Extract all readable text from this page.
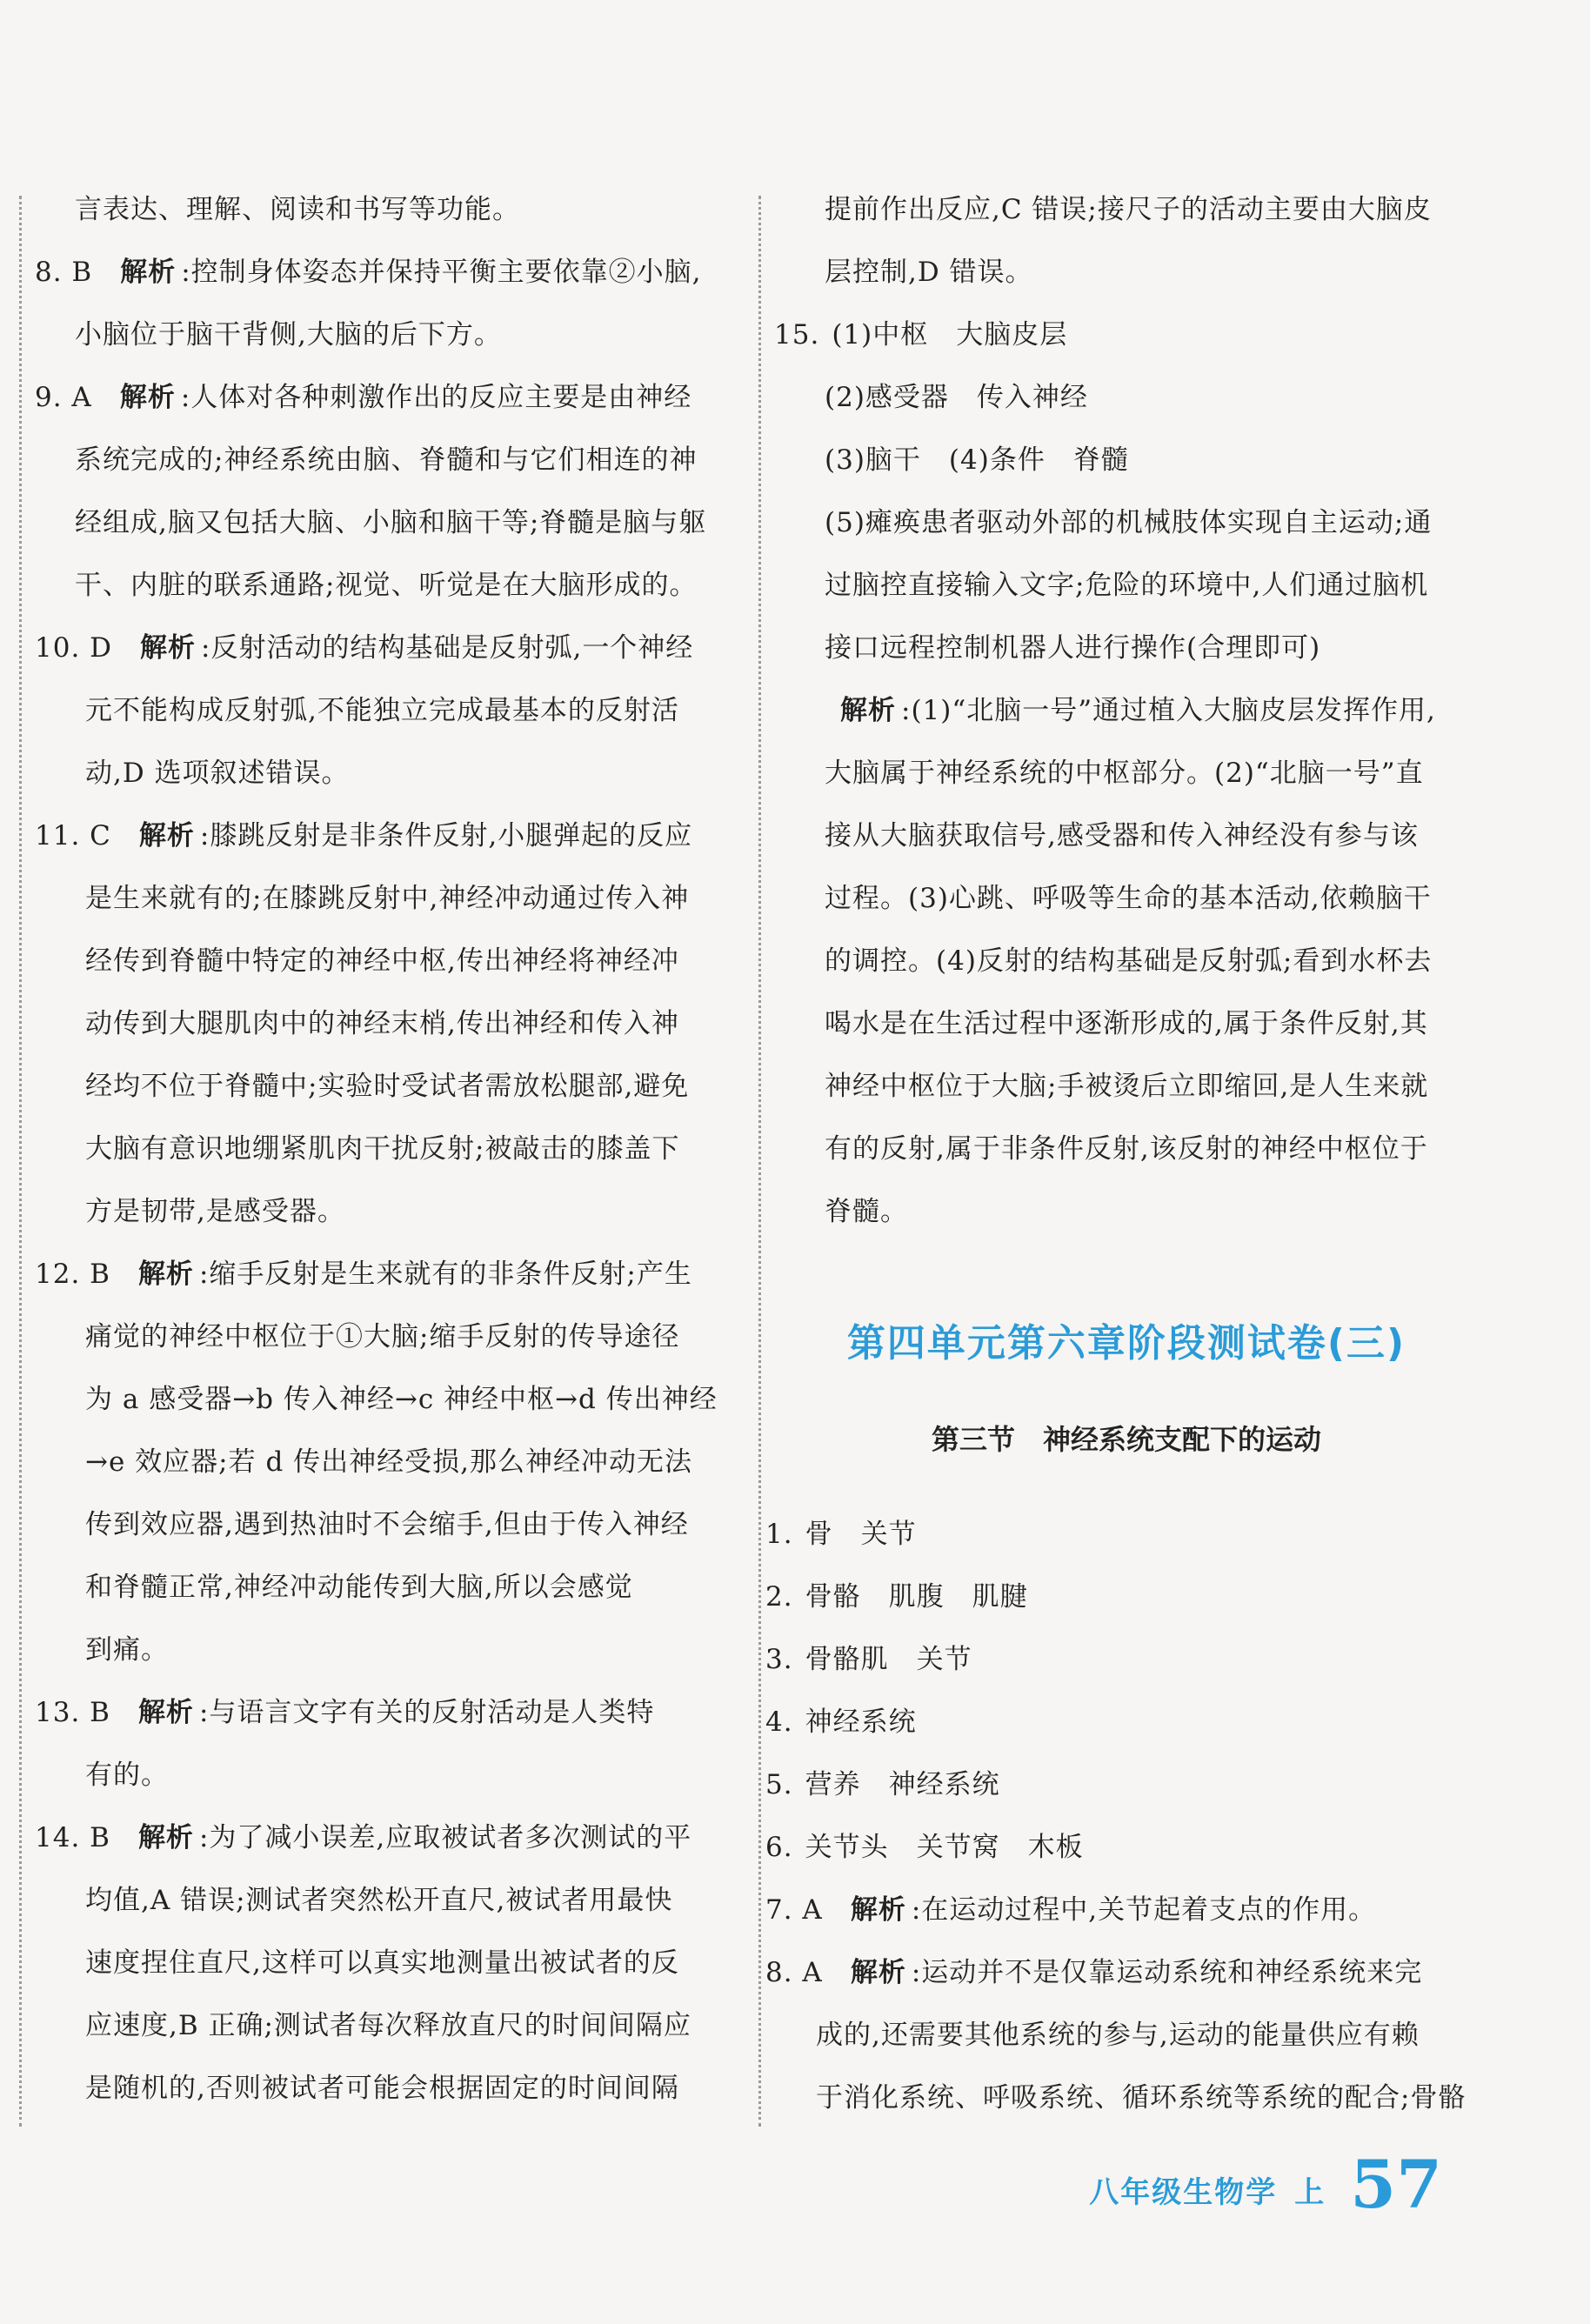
言表达、理解、阅读和书写等功能。
8. B 解析 :控制身体姿态并保持平衡主要依靠②小脑,
小脑位于脑干背侧,大脑的后下方。
9. A 解析 :人体对各种刺激作出的反应主要是由神经
系统完成的;神经系统由脑、脊髓和与它们相连的神
经组成,脑又包括大脑、小脑和脑干等;脊髓是脑与躯
干、内脏的联系通路;视觉、听觉是在大脑形成的。
10. D 解析 :反射活动的结构基础是反射弧,一个神经
元不能构成反射弧,不能独立完成最基本的反射活
动,D 选项叙述错误。
11. C 解析 :膝跳反射是非条件反射,小腿弹起的反应
是生来就有的;在膝跳反射中,神经冲动通过传入神
经传到脊髓中特定的神经中枢,传出神经将神经冲
动传到大腿肌肉中的神经末梢,传出神经和传入神
经均不位于脊髓中;实验时受试者需放松腿部,避免
大脑有意识地绷紧肌肉干扰反射;被敲击的膝盖下
方是韧带,是感受器。
12. B 解析 :缩手反射是生来就有的非条件反射;产生
痛觉的神经中枢位于①大脑;缩手反射的传导途径
为 a 感受器→b 传入神经→c 神经中枢→d 传出神经
→e 效应器;若 d 传出神经受损,那么神经冲动无法
传到效应器,遇到热油时不会缩手,但由于传入神经
和脊髓正常,神经冲动能传到大脑,所以会感觉
到痛。
13. B 解析 :与语言文字有关的反射活动是人类特
有的。
14. B 解析 :为了减小误差,应取被试者多次测试的平
均值,A 错误;测试者突然松开直尺,被试者用最快
速度捏住直尺,这样可以真实地测量出被试者的反
应速度,B 正确;测试者每次释放直尺的时间间隔应
是随机的,否则被试者可能会根据固定的时间间隔
提前作出反应,C 错误;接尺子的活动主要由大脑皮
层控制,D 错误。
15. (1)中枢　大脑皮层
(2)感受器　传入神经
(3)脑干　(4)条件　脊髓
(5)瘫痪患者驱动外部的机械肢体实现自主运动;通
过脑控直接输入文字;危险的环境中,人们通过脑机
接口远程控制机器人进行操作(合理即可)
解析 :(1)“北脑一号”通过植入大脑皮层发挥作用,
大脑属于神经系统的中枢部分。(2)“北脑一号”直
接从大脑获取信号,感受器和传入神经没有参与该
过程。(3)心跳、呼吸等生命的基本活动,依赖脑干
的调控。(4)反射的结构基础是反射弧;看到水杯去
喝水是在生活过程中逐渐形成的,属于条件反射,其
神经中枢位于大脑;手被烫后立即缩回,是人生来就
有的反射,属于非条件反射,该反射的神经中枢位于
脊髓。
第四单元第六章阶段测试卷(三)
第三节　神经系统支配下的运动
1. 骨　关节
2. 骨骼　肌腹　肌腱
3. 骨骼肌　关节
4. 神经系统
5. 营养　神经系统
6. 关节头　关节窝　木板
7. A 解析 :在运动过程中,关节起着支点的作用。
8. A 解析 :运动并不是仅靠运动系统和神经系统来完
成的,还需要其他系统的参与,运动的能量供应有赖
于消化系统、呼吸系统、循环系统等系统的配合;骨骼
八年级生物学 上 57
